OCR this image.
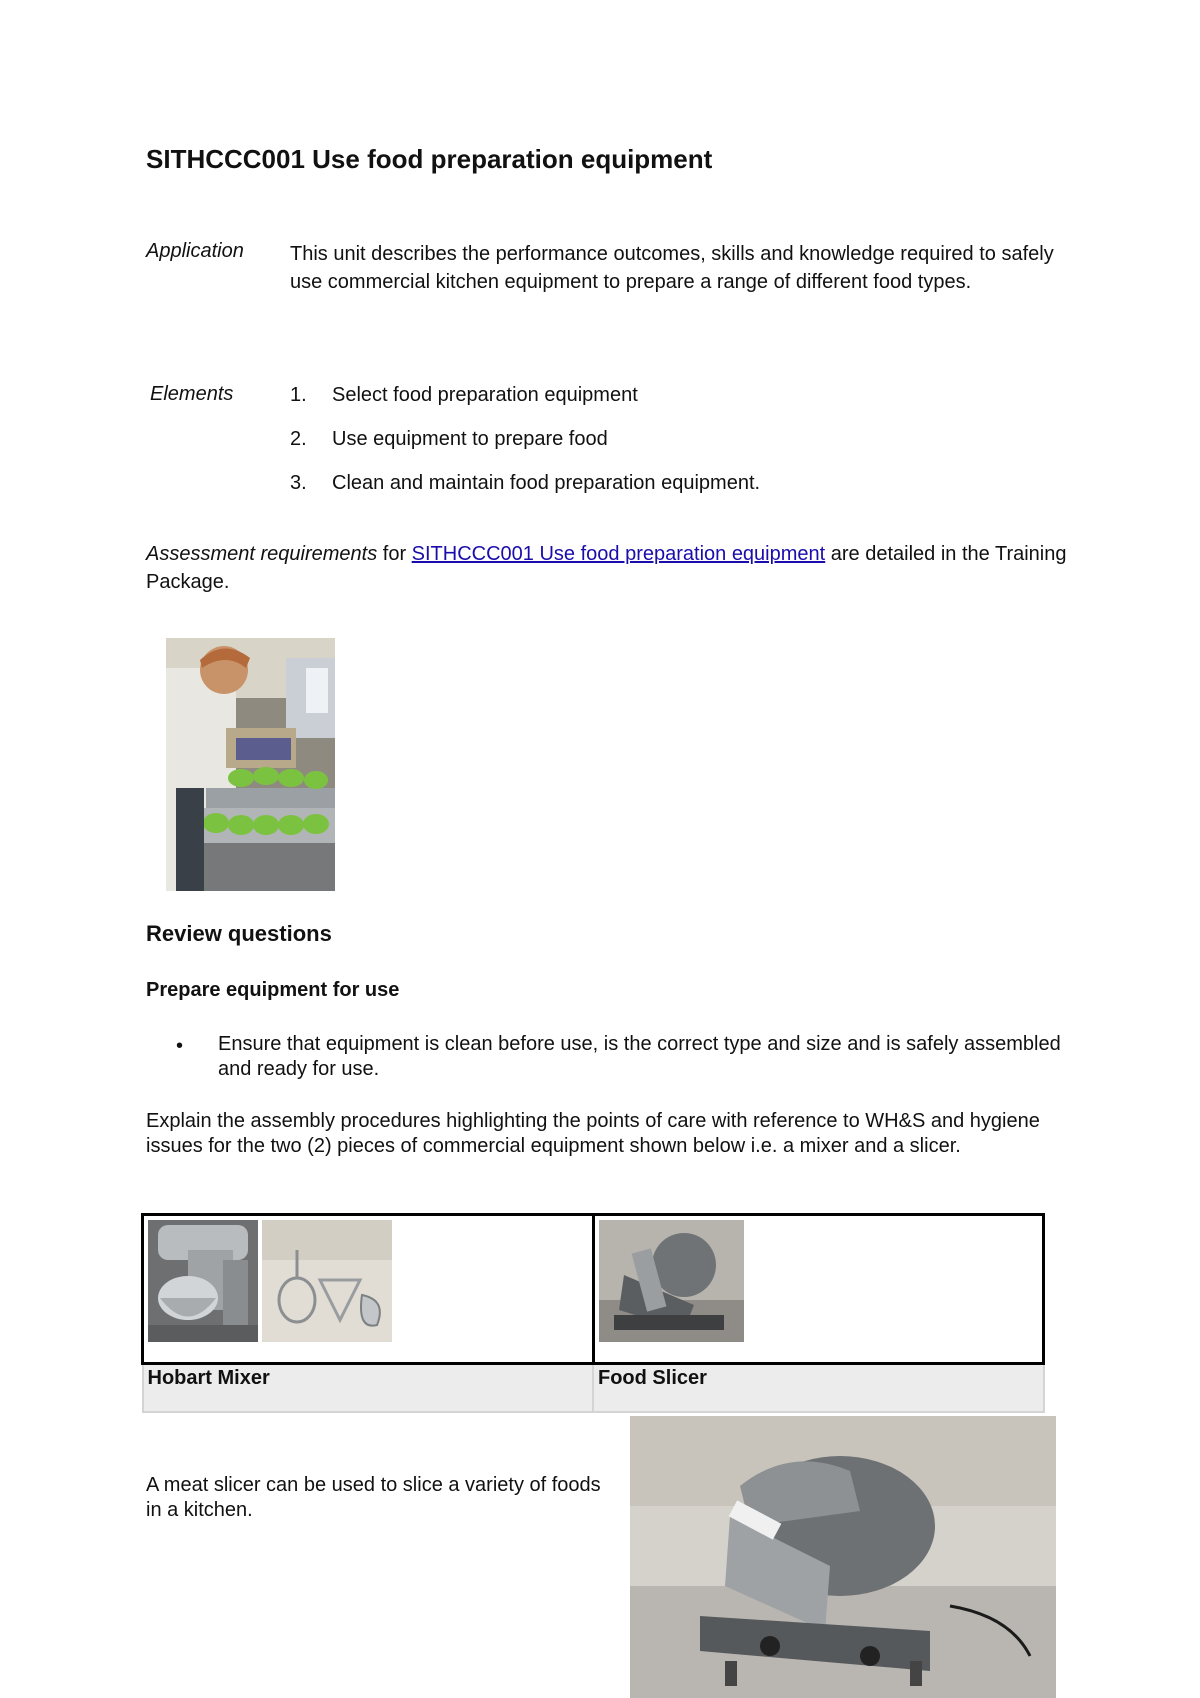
SITHCCC001 Use food preparation equipment
Application This unit describes the performance outcomes, skills and knowledge required to safely use commercial kitchen equipment to prepare a range of different food types.
Elements	1.	Select food preparation equipment
2.	Use equipment to prepare food
3.	Clean and maintain food preparation equipment.
Assessment requirements for SITHCCC001 Use food preparation equipment are detailed in the Training Package.
Review questions
Prepare equipment for use
•	Ensure that equipment is clean before use, is the correct type and size and is safely assembled and ready for use.
Explain the assembly procedures highlighting the points of care with reference to WH&S and hygiene issues for the two (2) pieces of commercial equipment shown below i.e. a mixer and a slicer.

Hobart Mixer	Food Slicer
A meat slicer can be used to slice a variety of foods in a kitchen.
